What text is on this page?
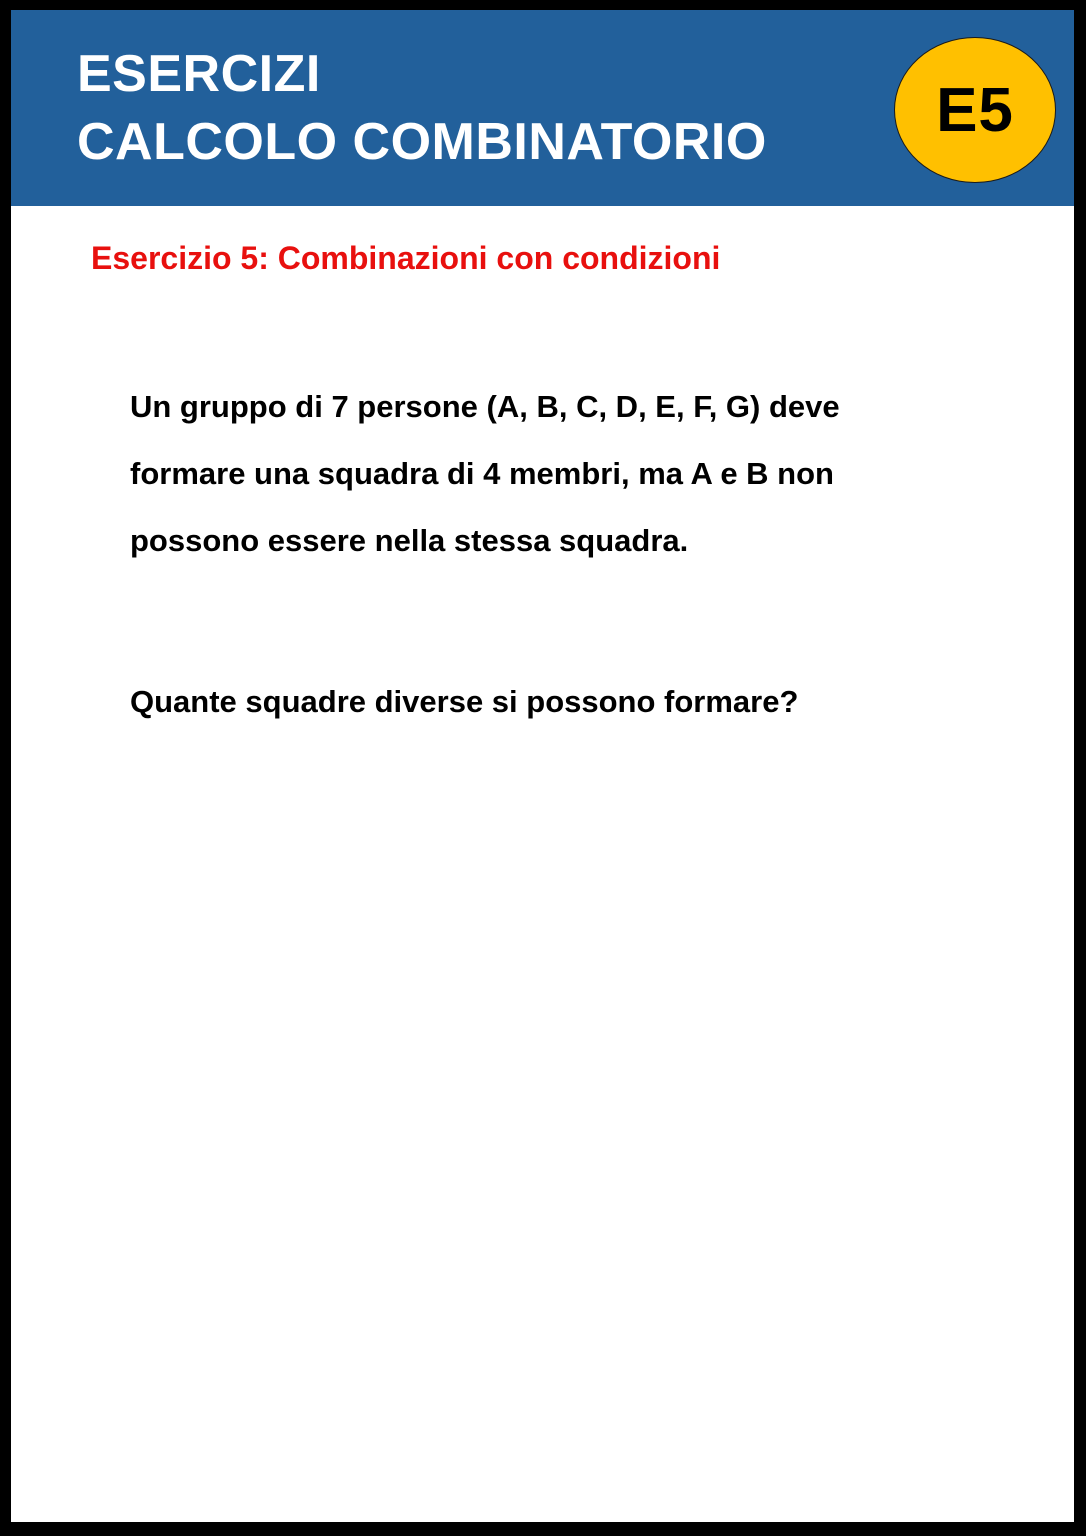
ESERCIZI
CALCOLO COMBINATORIO	E5
Esercizio 5: Combinazioni con condizioni
Un gruppo di 7 persone (A, B, C, D, E, F, G) deve
formare una squadra di 4 membri, ma A e B non
possono essere nella stessa squadra.
Quante squadre diverse si possono formare?
